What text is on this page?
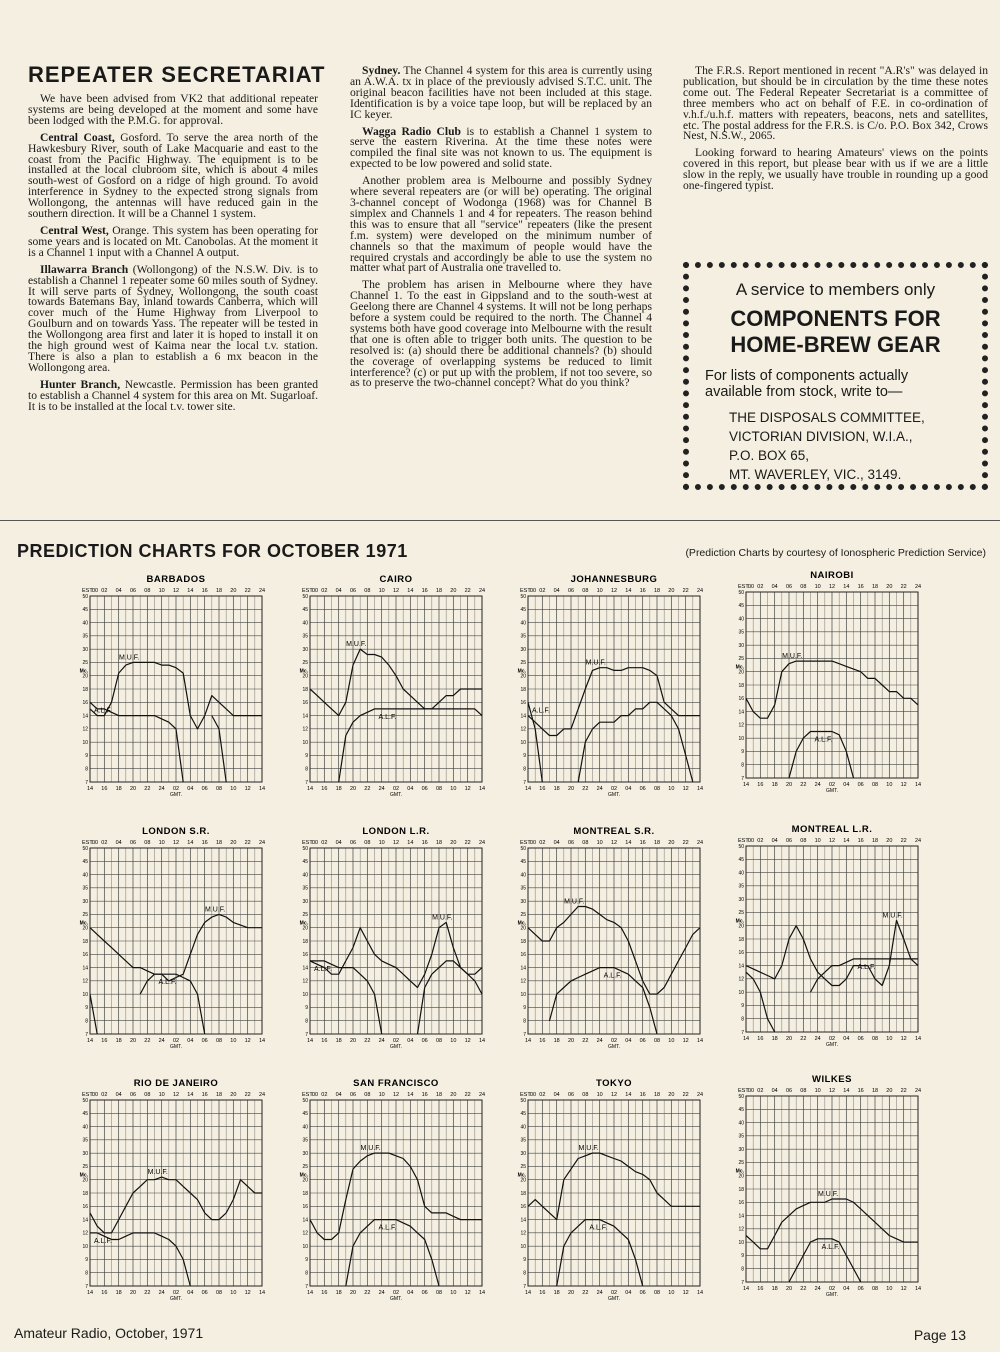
REPEATER SECRETARIAT

We have been advised from VK2 that additional repeater systems are being developed at the moment and some have been lodged with the P.M.G. for approval.

Central Coast, Gosford. To serve the area north of the Hawkesbury River, south of Lake Macquarie and east to the coast from the Pacific Highway. The equipment is to be installed at the local clubroom site, which is about 4 miles south-west of Gosford on a ridge of high ground. To avoid interference in Sydney to the expected strong signals from Wollongong, the antennas will have reduced gain in the southern direction. It will be a Channel 1 system.

Central West, Orange. This system has been operating for some years and is located on Mt. Canobolas. At the moment it is a Channel 1 input with a Channel A output.

Illawarra Branch (Wollongong) of the N.S.W. Div. is to establish a Channel 1 repeater some 60 miles south of Sydney. It will serve parts of Sydney, Wollongong, the south coast towards Batemans Bay, inland towards Canberra, which will cover much of the Hume Highway from Liverpool to Goulburn and on towards Yass. The repeater will be tested in the Wollongong area first and later it is hoped to install it on the high ground west of Kaima near the local t.v. station. There is also a plan to establish a 6 mx beacon in the Wollongong area.

Hunter Branch, Newcastle. Permission has been granted to establish a Channel 4 system for this area on Mt. Sugarloaf. It is to be installed at the local t.v. tower site.

Sydney. The Channel 4 system for this area is currently using an A.W.A. tx in place of the previously advised S.T.C. unit. The original beacon facilities have not been included at this stage. Identification is by a voice tape loop, but will be replaced by an IC keyer.

Wagga Radio Club is to establish a Channel 1 system to serve the eastern Riverina. At the time these notes were compiled the final site was not known to us. The equipment is expected to be low powered and solid state.

Another problem area is Melbourne and possibly Sydney where several repeaters are (or will be) operating. The original 3-channel concept of Wodonga (1968) was for Channel B simplex and Channels 1 and 4 for repeaters. The reason behind this was to ensure that all "service" repeaters (like the present f.m. system) were developed on the minimum number of channels so that the maximum of people would have the required crystals and accordingly be able to use the system no matter what part of Australia one travelled to.

The problem has arisen in Melbourne where they have Channel 1. To the east in Gippsland and to the south-west at Geelong there are Channel 4 systems. It will not be long perhaps before a system could be required to the north. The Channel 4 systems both have good coverage into Melbourne with the result that one is often able to trigger both units. The question to be resolved is: (a) should there be additional channels? (b) should the coverage of overlapping systems be reduced to limit interference? (c) or put up with the problem, if not too severe, so as to preserve the two-channel concept? What do you think?

The F.R.S. Report mentioned in recent "A.R's" was delayed in publication, but should be in circulation by the time these notes come out. The Federal Repeater Secretariat is a committee of three members who act on behalf of F.E. in co-ordination of v.h.f./u.h.f. matters with repeaters, beacons, nets and satellites, etc. The postal address for the F.R.S. is C/o. P.O. Box 342, Crows Nest, N.S.W., 2065.

Looking forward to hearing Amateurs' views on the points covered in this report, but please bear with us if we are a little slow in the reply, we usually have trouble in rounding up a good one-fingered typist.

A service to members only
COMPONENTS FOR
HOME-BREW GEAR
For lists of components actually
available from stock, write to—
THE DISPOSALS COMMITTEE,
VICTORIAN DIVISION, W.I.A.,
P.O. BOX 65,
MT. WAVERLEY, VIC., 3149.
PREDICTION CHARTS FOR OCTOBER 1971	(Prediction Charts by courtesy of Ionospheric Prediction Service)
BARBADOS
EST.
00 02 04 06 08 10 12 14 16 18 20 22 24
7
8
9
10
12
14
16
18
20
25
30
35
40
45
50
Mc.
14 16 18 20 22 24 02 04 06 08 10 12 14
GMT.
M.U.F.
A.L.F.
CAIRO
EST.
00 02 04 06 08 10 12 14 16 18 20 22 24
7
8
9
10
12
14
16
18
20
25
30
35
40
45
50
Mc.
14 16 18 20 22 24 02 04 06 08 10 12 14
GMT.
M.U.F.
A.L.F.
JOHANNESBURG
EST.
00 02 04 06 08 10 12 14 16 18 20 22 24
7
8
9
10
12
14
16
18
20
25
30
35
40
45
50
Mc.
14 16 18 20 22 24 02 04 06 08 10 12 14
GMT.
M.U.F.
A.L.F.
NAIROBI
EST.
00 02 04 06 08 10 12 14 16 18 20 22 24
7
8
9
10
12
14
16
18
20
25
30
35
40
45
50
Mc.
14 16 18 20 22 24 02 04 06 08 10 12 14
GMT.
M.U.F.
A.L.F.
LONDON S.R.
EST.
00 02 04 06 08 10 12 14 16 18 20 22 24
7
8
9
10
12
14
16
18
20
25
30
35
40
45
50
Mc.
14 16 18 20 22 24 02 04 06 08 10 12 14
GMT.
M.U.F.
A.L.F.
LONDON L.R.
EST.
00 02 04 06 08 10 12 14 16 18 20 22 24
7
8
9
10
12
14
16
18
20
25
30
35
40
45
50
Mc.
14 16 18 20 22 24 02 04 06 08 10 12 14
GMT.
M.U.F.
A.L.F.
MONTREAL S.R.
EST.
00 02 04 06 08 10 12 14 16 18 20 22 24
7
8
9
10
12
14
16
18
20
25
30
35
40
45
50
Mc.
14 16 18 20 22 24 02 04 06 08 10 12 14
GMT.
M.U.F.
A.L.F.
MONTREAL L.R.
EST.
00 02 04 06 08 10 12 14 16 18 20 22 24
7
8
9
10
12
14
16
18
20
25
30
35
40
45
50
Mc.
14 16 18 20 22 24 02 04 06 08 10 12 14
GMT.
M.U.F.
A.L.F.
RIO DE JANEIRO
EST.
00 02 04 06 08 10 12 14 16 18 20 22 24
7
8
9
10
12
14
16
18
20
25
30
35
40
45
50
Mc.
14 16 18 20 22 24 02 04 06 08 10 12 14
GMT.
M.U.F.
A.L.F.
SAN FRANCISCO
EST.
00 02 04 06 08 10 12 14 16 18 20 22 24
7
8
9
10
12
14
16
18
20
25
30
35
40
45
50
Mc.
14 16 18 20 22 24 02 04 06 08 10 12 14
GMT.
M.U.F.
A.L.F.
TOKYO
EST.
00 02 04 06 08 10 12 14 16 18 20 22 24
7
8
9
10
12
14
16
18
20
25
30
35
40
45
50
Mc.
14 16 18 20 22 24 02 04 06 08 10 12 14
GMT.
M.U.F.
A.L.F.
WILKES
EST.
00 02 04 06 08 10 12 14 16 18 20 22 24
7
8
9
10
12
14
16
18
20
25
30
35
40
45
50
Mc.
14 16 18 20 22 24 02 04 06 08 10 12 14
GMT.
M.U.F.
A.L.F.
Amateur Radio, October, 1971	Page 13
